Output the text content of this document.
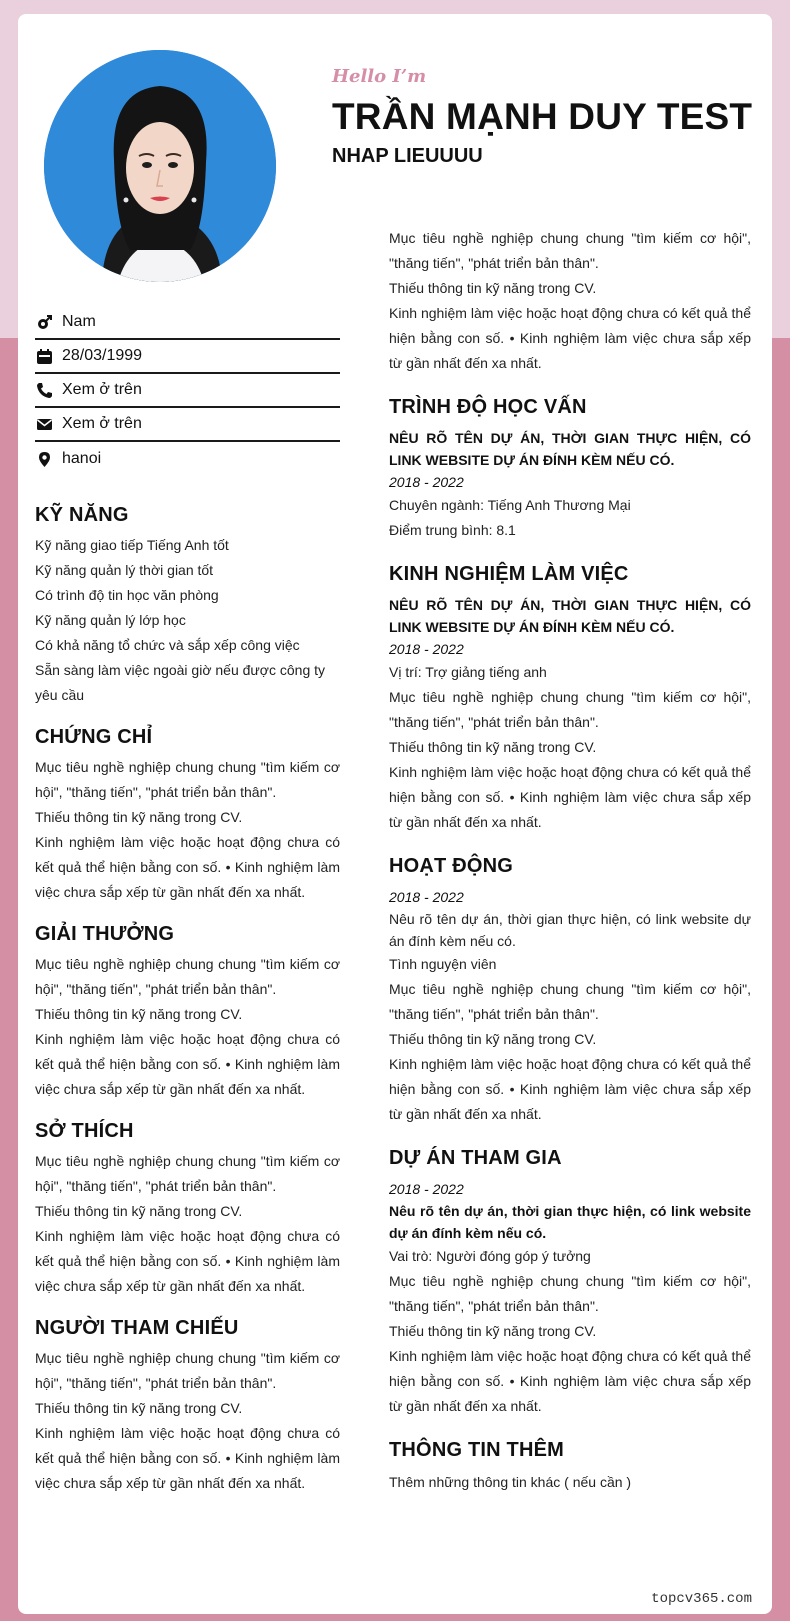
Hello I’m
TRẦN MẠNH DUY TEST
NHAP LIEUUUU
Nam
28/03/1999
Xem ở trên
Xem ở trên
hanoi
KỸ NĂNG
Kỹ năng giao tiếp Tiếng Anh tốt
Kỹ năng quản lý thời gian tốt
Có trình độ tin học văn phòng
Kỹ năng quản lý lớp học
Có khả năng tổ chức và sắp xếp công việc
Sẵn sàng làm việc ngoài giờ nếu được công ty yêu cầu
CHỨNG CHỈ
Mục tiêu nghề nghiệp chung chung "tìm kiếm cơ hội", "thăng tiến", "phát triển bản thân".
Thiếu thông tin kỹ năng trong CV.
Kinh nghiệm làm việc hoặc hoạt động chưa có kết quả thể hiện bằng con số. • Kinh nghiệm làm việc chưa sắp xếp từ gần nhất đến xa nhất.
GIẢI THƯỞNG
Mục tiêu nghề nghiệp chung chung "tìm kiếm cơ hội", "thăng tiến", "phát triển bản thân".
Thiếu thông tin kỹ năng trong CV.
Kinh nghiệm làm việc hoặc hoạt động chưa có kết quả thể hiện bằng con số. • Kinh nghiệm làm việc chưa sắp xếp từ gần nhất đến xa nhất.
SỞ THÍCH
Mục tiêu nghề nghiệp chung chung "tìm kiếm cơ hội", "thăng tiến", "phát triển bản thân".
Thiếu thông tin kỹ năng trong CV.
Kinh nghiệm làm việc hoặc hoạt động chưa có kết quả thể hiện bằng con số. • Kinh nghiệm làm việc chưa sắp xếp từ gần nhất đến xa nhất.
NGƯỜI THAM CHIẾU
Mục tiêu nghề nghiệp chung chung "tìm kiếm cơ hội", "thăng tiến", "phát triển bản thân".
Thiếu thông tin kỹ năng trong CV.
Kinh nghiệm làm việc hoặc hoạt động chưa có kết quả thể hiện bằng con số. • Kinh nghiệm làm việc chưa sắp xếp từ gần nhất đến xa nhất.
Mục tiêu nghề nghiệp chung chung "tìm kiếm cơ hội", "thăng tiến", "phát triển bản thân".
Thiếu thông tin kỹ năng trong CV.
Kinh nghiệm làm việc hoặc hoạt động chưa có kết quả thể hiện bằng con số. • Kinh nghiệm làm việc chưa sắp xếp từ gần nhất đến xa nhất.
TRÌNH ĐỘ HỌC VẤN
NÊU RÕ TÊN DỰ ÁN, THỜI GIAN THỰC HIỆN, CÓ LINK WEBSITE DỰ ÁN ĐÍNH KÈM NẾU CÓ.
2018 - 2022
Chuyên ngành: Tiếng Anh Thương Mại
Điểm trung bình: 8.1
KINH NGHIỆM LÀM VIỆC
NÊU RÕ TÊN DỰ ÁN, THỜI GIAN THỰC HIỆN, CÓ LINK WEBSITE DỰ ÁN ĐÍNH KÈM NẾU CÓ.
2018 - 2022
Vị trí: Trợ giảng tiếng anh
Mục tiêu nghề nghiệp chung chung "tìm kiếm cơ hội", "thăng tiến", "phát triển bản thân".
Thiếu thông tin kỹ năng trong CV.
Kinh nghiệm làm việc hoặc hoạt động chưa có kết quả thể hiện bằng con số. • Kinh nghiệm làm việc chưa sắp xếp từ gần nhất đến xa nhất.
HOẠT ĐỘNG
2018 - 2022
Nêu rõ tên dự án, thời gian thực hiện, có link website dự án đính kèm nếu có.
Tình nguyện viên
Mục tiêu nghề nghiệp chung chung "tìm kiếm cơ hội", "thăng tiến", "phát triển bản thân".
Thiếu thông tin kỹ năng trong CV.
Kinh nghiệm làm việc hoặc hoạt động chưa có kết quả thể hiện bằng con số. • Kinh nghiệm làm việc chưa sắp xếp từ gần nhất đến xa nhất.
DỰ ÁN THAM GIA
2018 - 2022
Nêu rõ tên dự án, thời gian thực hiện, có link website dự án đính kèm nếu có.
Vai trò: Người đóng góp ý tưởng
Mục tiêu nghề nghiệp chung chung "tìm kiếm cơ hội", "thăng tiến", "phát triển bản thân".
Thiếu thông tin kỹ năng trong CV.
Kinh nghiệm làm việc hoặc hoạt động chưa có kết quả thể hiện bằng con số. • Kinh nghiệm làm việc chưa sắp xếp từ gần nhất đến xa nhất.
THÔNG TIN THÊM
Thêm những thông tin khác ( nếu cần )
topcv365.com
